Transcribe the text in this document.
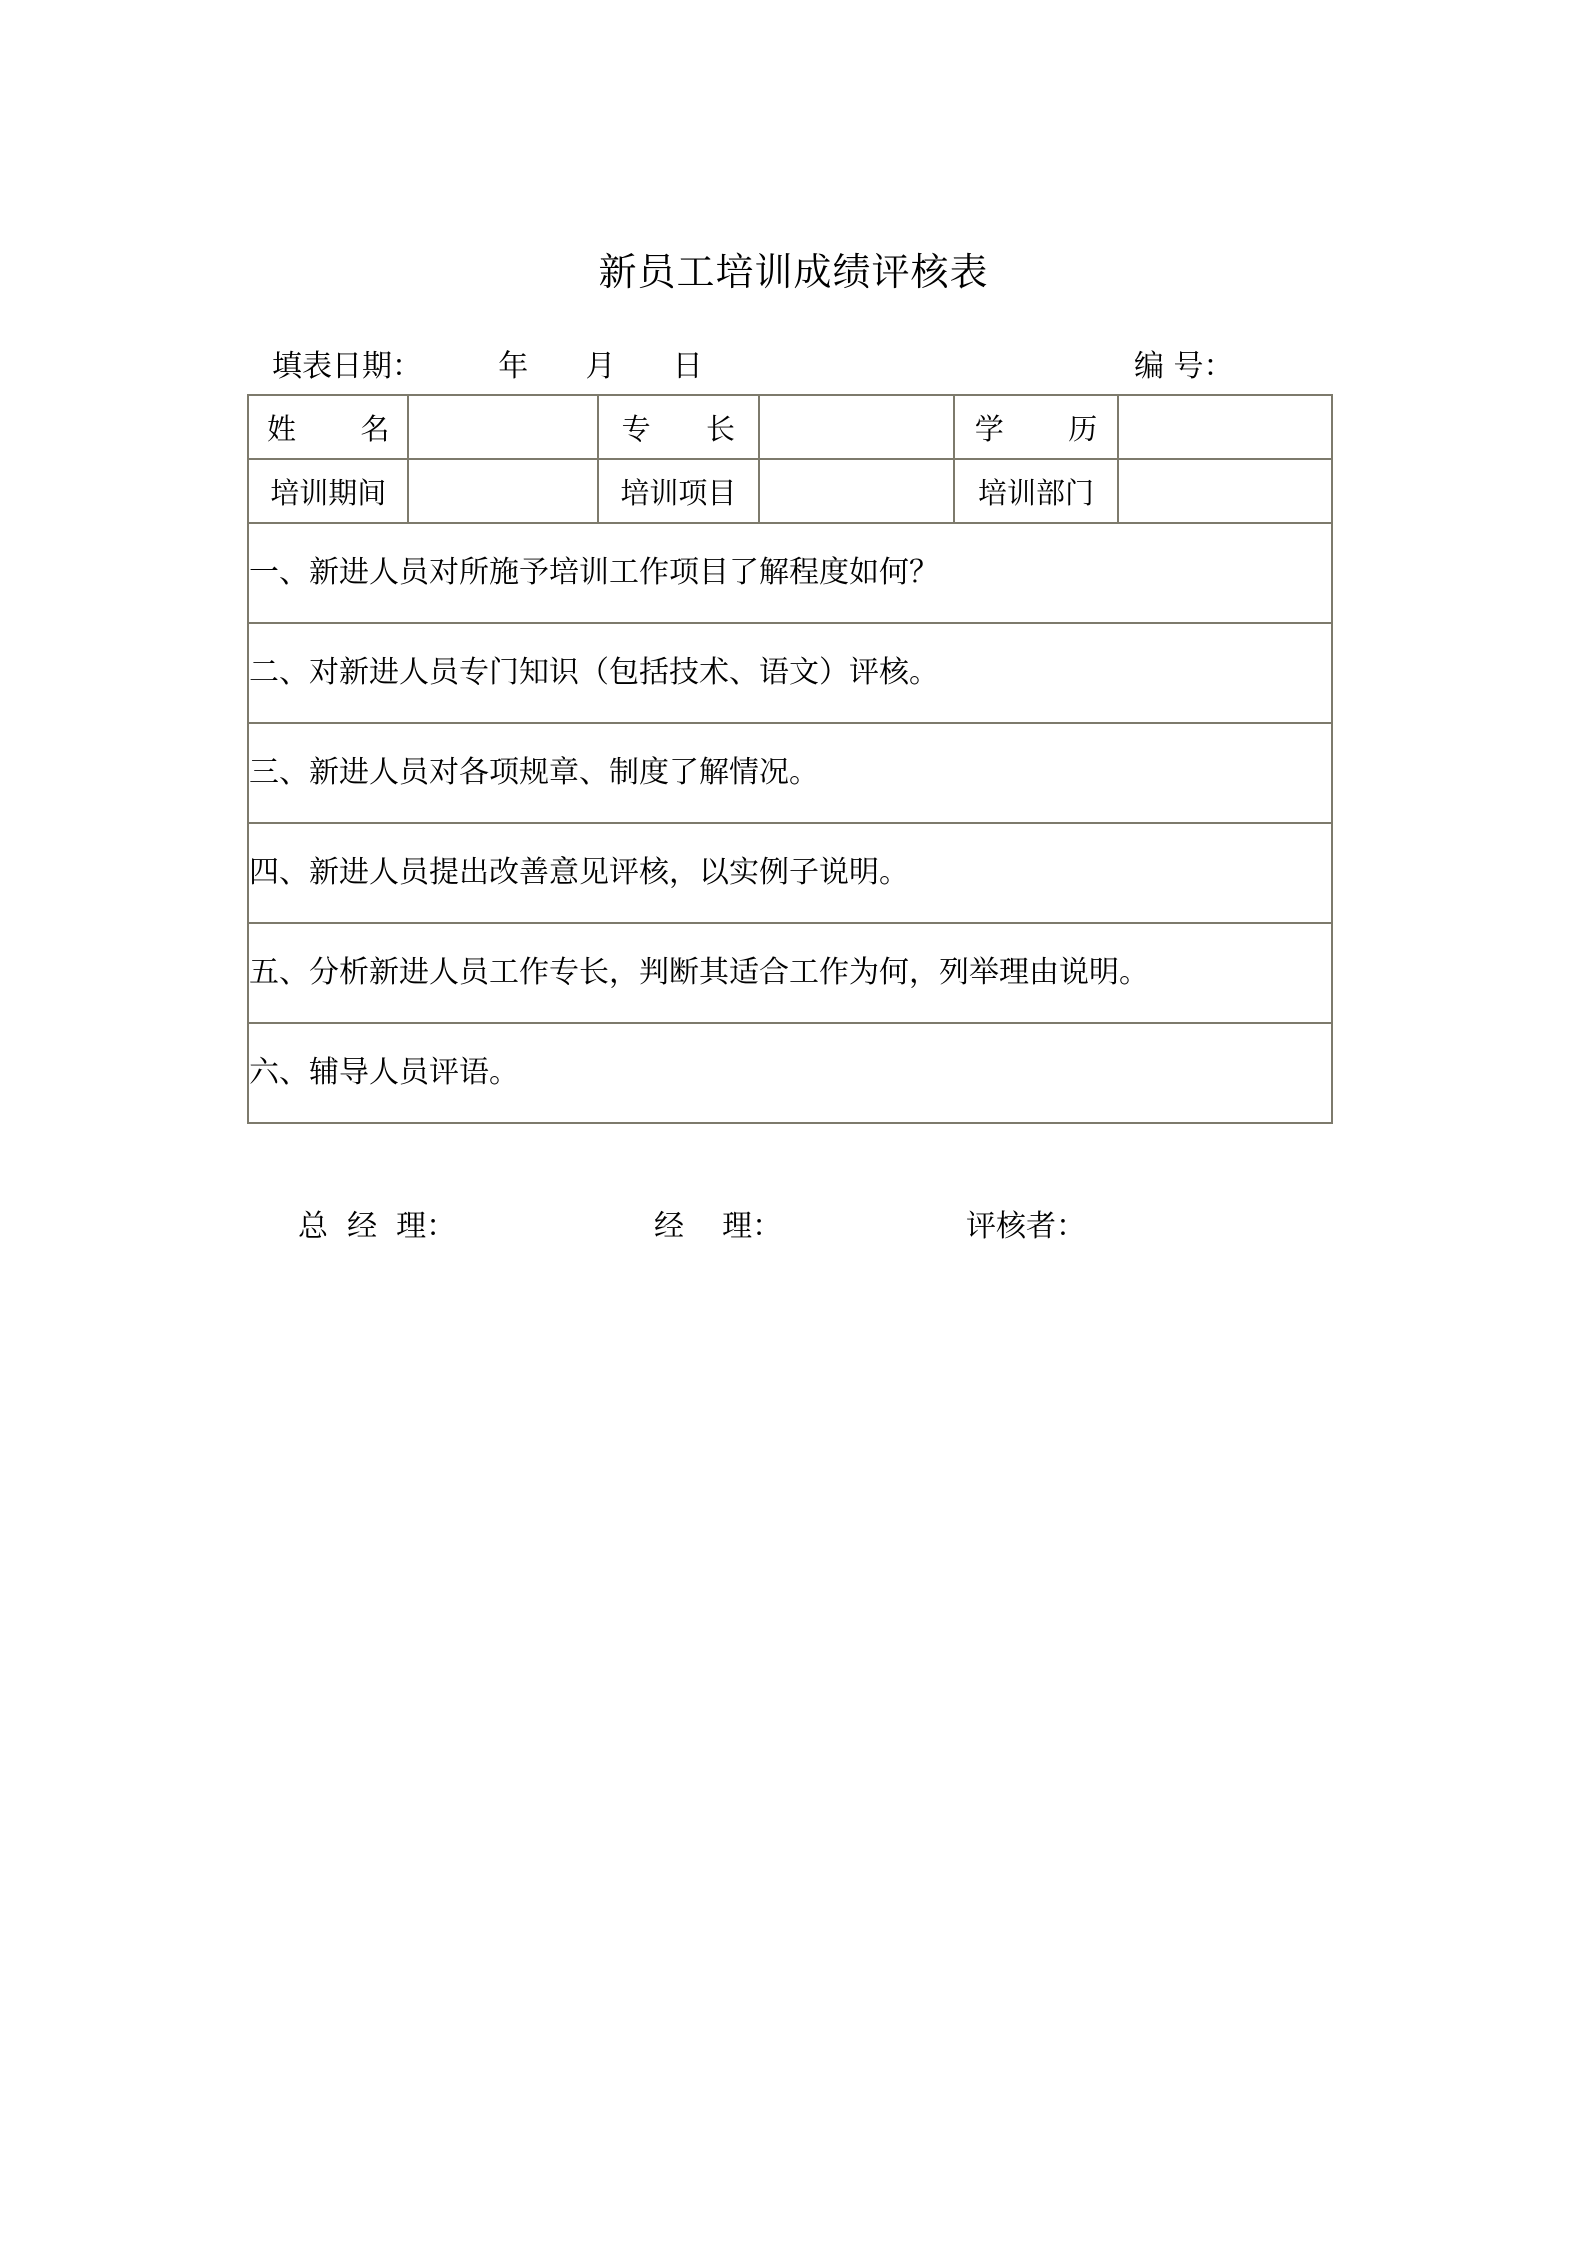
新员工培训成绩评核表
填表日期：        年      月      日	编 号：
姓       名		专      长		学       历	
培训期间		培训项目		培训部门	
一、新进人员对所施予培训工作项目了解程度如何？					
二、对新进人员专门知识（包括技术、语文）评核。					
三、新进人员对各项规章、制度了解情况。					
四、新进人员提出改善意见评核，以实例子说明。					
五、分析新进人员工作专长，判断其适合工作为何，列举理由说明。					
六、辅导人员评语。					
总  经  理：	经    理：	评核者：
